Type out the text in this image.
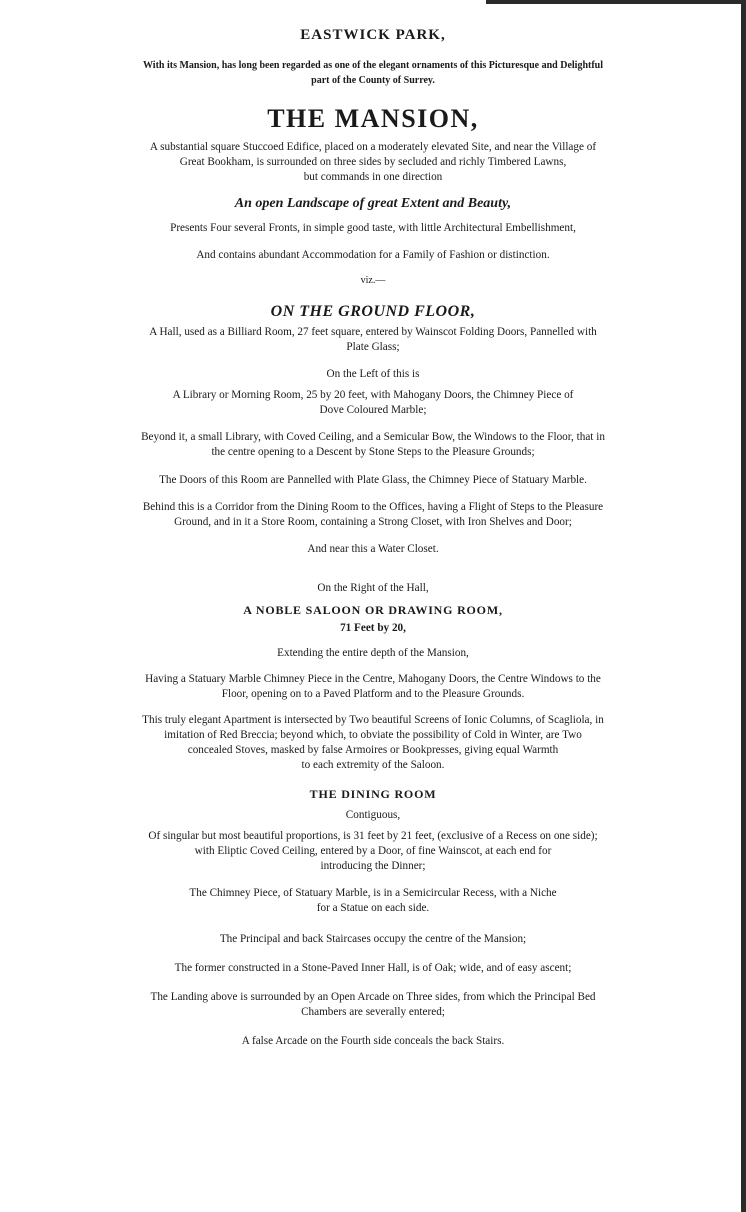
EASTWICK PARK,

With its Mansion, has long been regarded as one of the elegant ornaments of this Picturesque and Delightful

part of the County of Surrey.

THE MANSION,

A substantial square Stuccoed Edifice, placed on a moderately elevated Site, and near the Village of

Great Bookham, is surrounded on three sides by secluded and richly Timbered Lawns,

but commands in one direction

An open Landscape of great Extent and Beauty,

Presents Four several Fronts, in simple good taste, with little Architectural Embellishment,

And contains abundant Accommodation for a Family of Fashion or distinction.

viz.—

ON THE GROUND FLOOR,

A Hall, used as a Billiard Room, 27 feet square, entered by Wainscot Folding Doors, Pannelled with

Plate Glass;

On the Left of this is

A Library or Morning Room, 25 by 20 feet, with Mahogany Doors, the Chimney Piece of

Dove Coloured Marble;

Beyond it, a small Library, with Coved Ceiling, and a Semicular Bow, the Windows to the Floor, that in

the centre opening to a Descent by Stone Steps to the Pleasure Grounds;

The Doors of this Room are Pannelled with Plate Glass, the Chimney Piece of Statuary Marble.

Behind this is a Corridor from the Dining Room to the Offices, having a Flight of Steps to the Pleasure

Ground, and in it a Store Room, containing a Strong Closet, with Iron Shelves and Door;

And near this a Water Closet.

On the Right of the Hall,

A NOBLE SALOON OR DRAWING ROOM,

71 Feet by 20,

Extending the entire depth of the Mansion,

Having a Statuary Marble Chimney Piece in the Centre, Mahogany Doors, the Centre Windows to the

Floor, opening on to a Paved Platform and to the Pleasure Grounds.

This truly elegant Apartment is intersected by Two beautiful Screens of Ionic Columns, of Scagliola, in

imitation of Red Breccia; beyond which, to obviate the possibility of Cold in Winter, are Two

concealed Stoves, masked by false Armoires or Bookpresses, giving equal Warmth

to each extremity of the Saloon.

THE DINING ROOM

Contiguous,

Of singular but most beautiful proportions, is 31 feet by 21 feet, (exclusive of a Recess on one side);

with Eliptic Coved Ceiling, entered by a Door, of fine Wainscot, at each end for

introducing the Dinner;

The Chimney Piece, of Statuary Marble, is in a Semicircular Recess, with a Niche

for a Statue on each side.

The Principal and back Staircases occupy the centre of the Mansion;

The former constructed in a Stone-Paved Inner Hall, is of Oak; wide, and of easy ascent;

The Landing above is surrounded by an Open Arcade on Three sides, from which the Principal Bed

Chambers are severally entered;

A false Arcade on the Fourth side conceals the back Stairs.
